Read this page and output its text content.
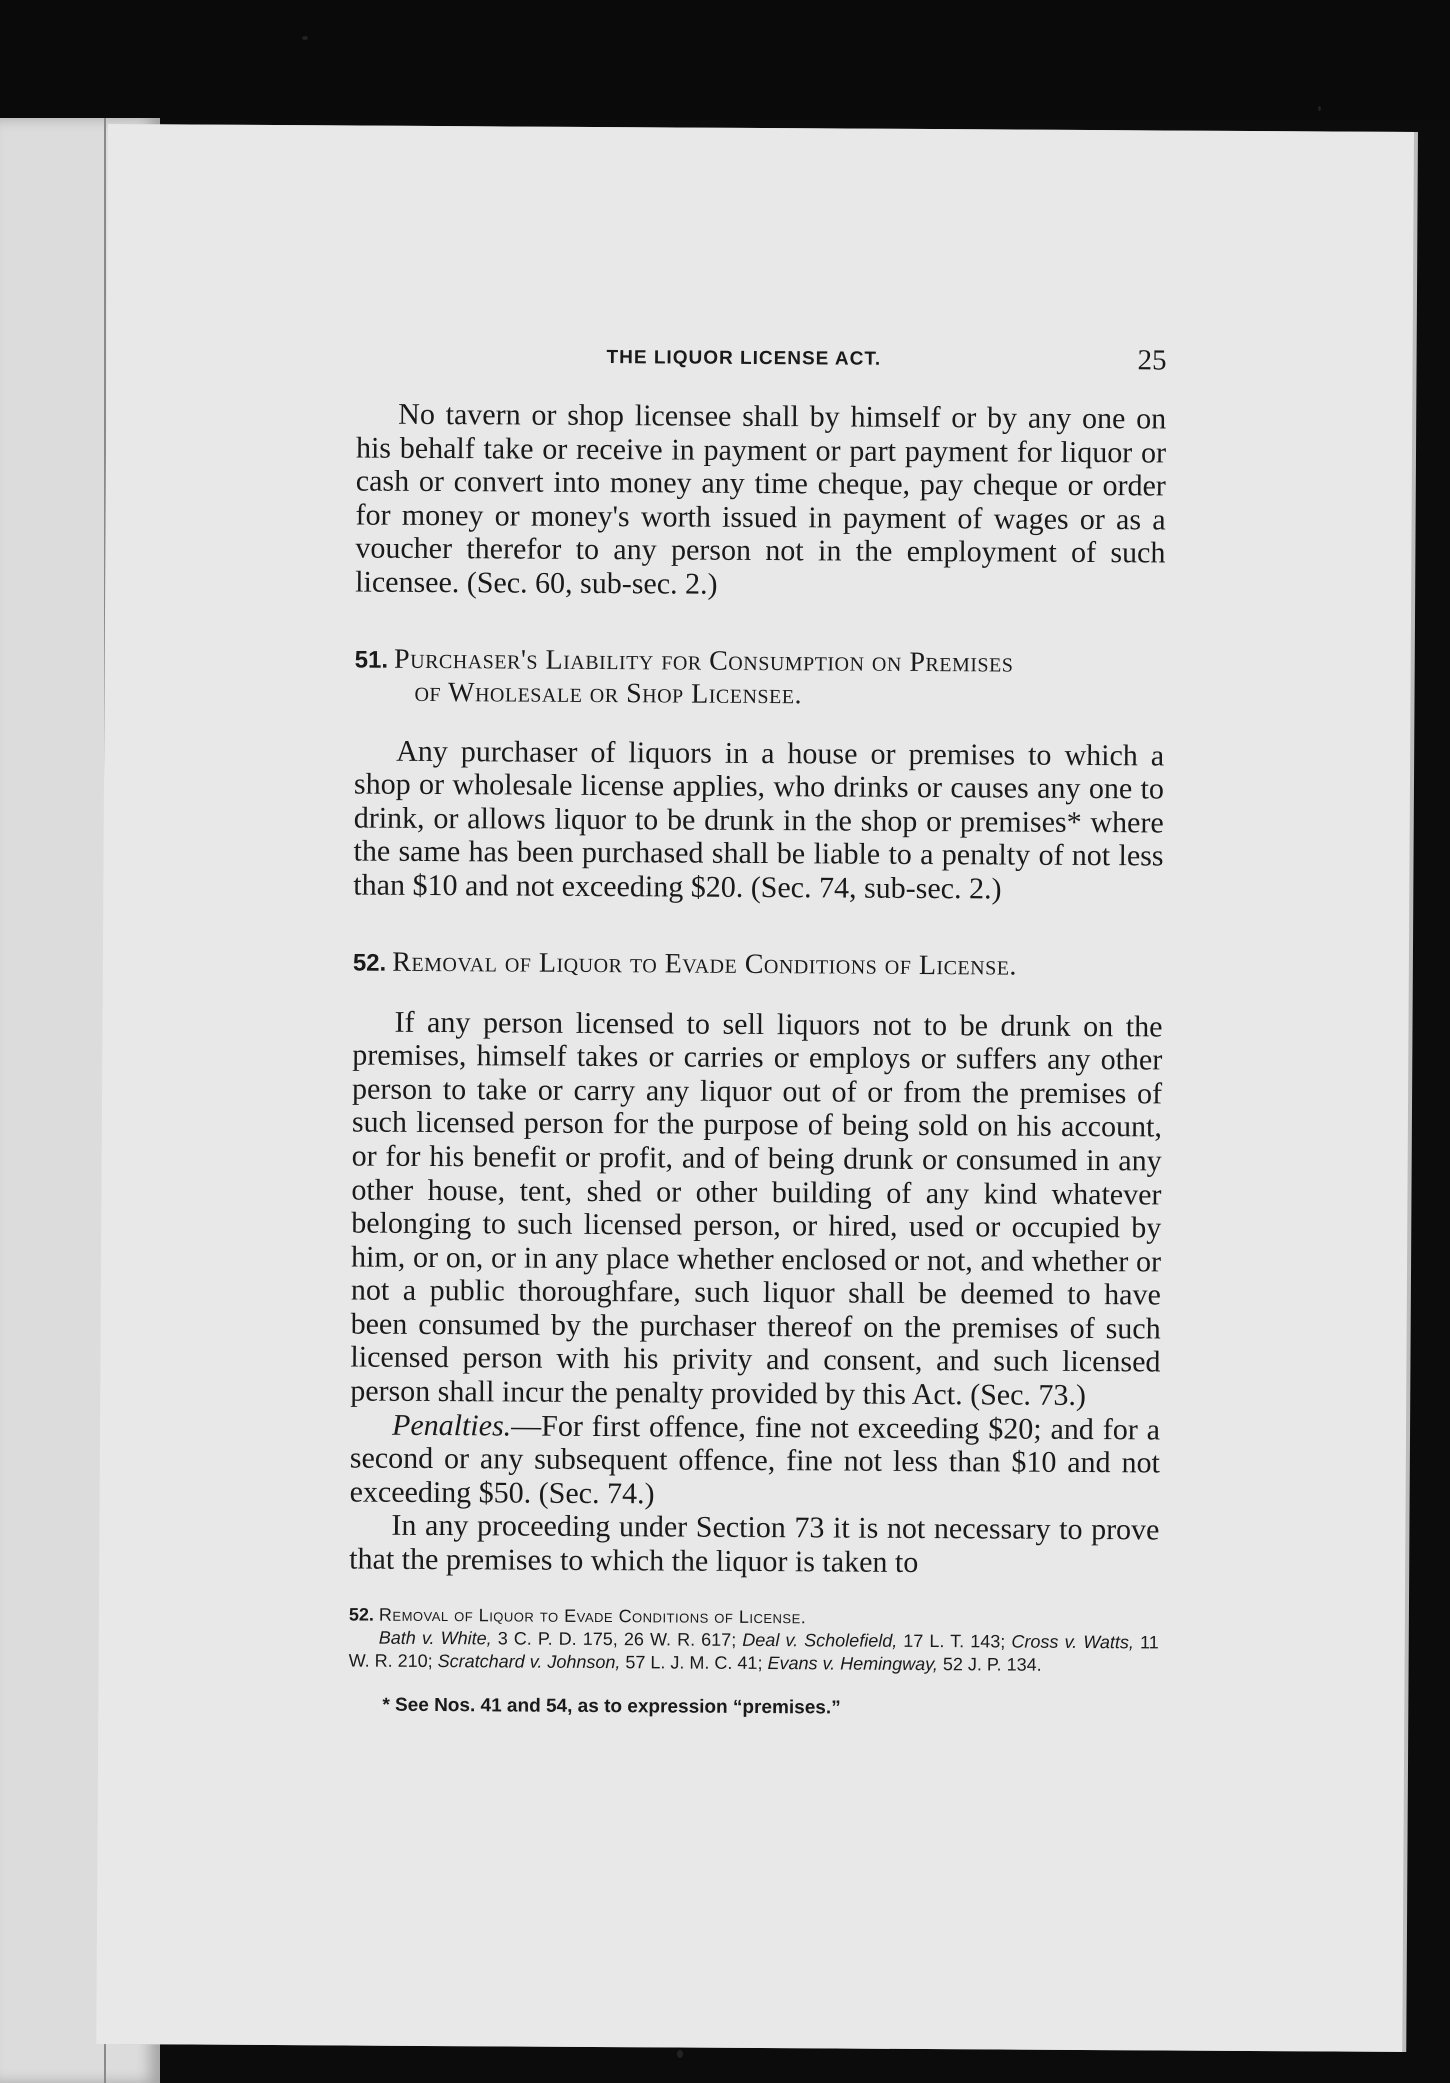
THE LIQUOR LICENSE ACT.	25

No tavern or shop licensee shall by himself or by any one on his behalf take or receive in payment or part payment for liquor or cash or convert into money any time cheque, pay cheque or order for money or money's worth issued in payment of wages or as a voucher therefor to any person not in the employment of such licensee. (Sec. 60, sub-sec. 2.)

51. Purchaser's Liability for Consumption on Premises
of Wholesale or Shop Licensee.

Any purchaser of liquors in a house or premises to which a shop or wholesale license applies, who drinks or causes any one to drink, or allows liquor to be drunk in the shop or premises* where the same has been purchased shall be liable to a penalty of not less than $10 and not exceeding $20. (Sec. 74, sub-sec. 2.)

52. Removal of Liquor to Evade Conditions of License.

If any person licensed to sell liquors not to be drunk on the premises, himself takes or carries or employs or suffers any other person to take or carry any liquor out of or from the premises of such licensed person for the purpose of being sold on his account, or for his benefit or profit, and of being drunk or consumed in any other house, tent, shed or other building of any kind whatever belonging to such licensed person, or hired, used or occupied by him, or on, or in any place whether enclosed or not, and whether or not a public thoroughfare, such liquor shall be deemed to have been consumed by the purchaser thereof on the premises of such licensed person with his privity and consent, and such licensed person shall incur the penalty provided by this Act. (Sec. 73.)

Penalties.—For first offence, fine not exceeding $20; and for a second or any subsequent offence, fine not less than $10 and not exceeding $50. (Sec. 74.)

In any proceeding under Section 73 it is not necessary to prove that the premises to which the liquor is taken to

52. Removal of Liquor to Evade Conditions of License.
Bath v. White, 3 C. P. D. 175, 26 W. R. 617; Deal v. Scholefield, 17 L. T. 143; Cross v. Watts, 11 W. R. 210; Scratchard v. Johnson, 57 L. J. M. C. 41; Evans v. Hemingway, 52 J. P. 134.
* See Nos. 41 and 54, as to expression “premises.”
